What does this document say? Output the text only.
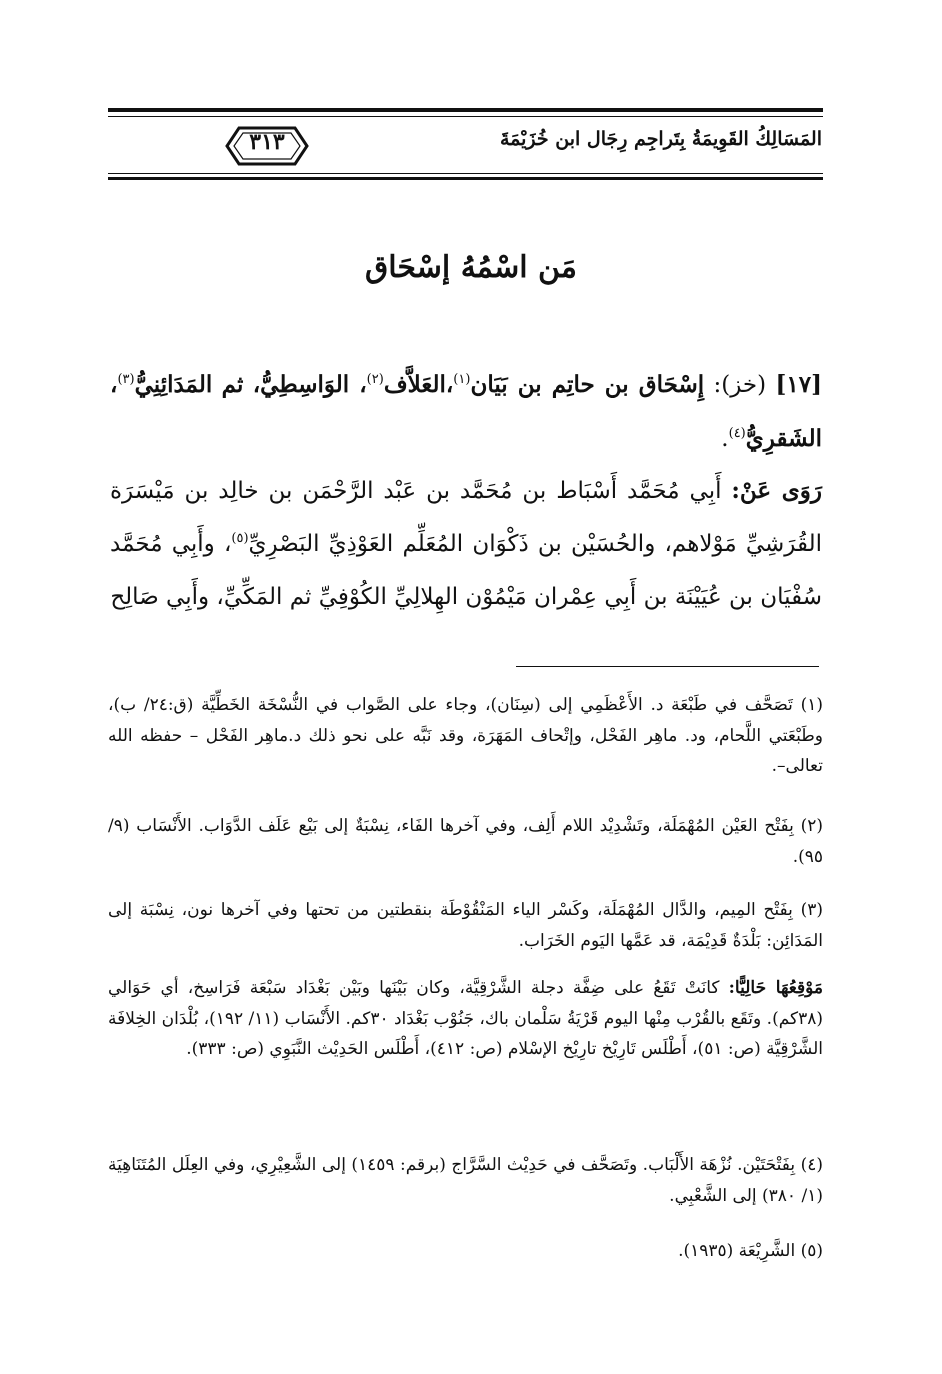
المَسَالِكُ القَوِيمَةُ بِتَراجِم رِجَال ابن خُزَيْمَةَ
٣١٣
مَن اسْمُهُ إسْحَاق

[١٧] (خز): إِسْحَاق بن حاتِم بن بَيَان$^{(١)}$،العَلاَّف$^{(٢)}$، الوَاسِطِيُّ، ثم المَدَائِنِيُّ$^{(٣)}$، الشَقرِيُّ$^{(٤)}$.

رَوَى عَنْ: أَبِي مُحَمَّد أَسْبَاط بن مُحَمَّد بن عَبْد الرَّحْمَن بن خالِد بن مَيْسَرَة القُرَشِيِّ مَوْلاهم، والحُسَيْن بن ذَكْوَان المُعَلِّم العَوْذِيِّ البَصْرِيِّ$^{(٥)}$، وأَبِي مُحَمَّد سُفْيَان بن عُيَيْنَة بن أَبِي عِمْران مَيْمُوْن الهِلالِيِّ الكُوْفِيِّ ثم المَكِّيِّ، وأَبِي صَالِح

(١) تَصَحَّف في طَبْعَة د. الأَعْظَمِي إلى (سِنَان)، وجاء على الصَّواب في النُّسْخَة الخَطِّيَّة (ق:٢٤/ ب)، وطَبْعَتي اللَّحام، ود. ماهِر الفَحْل، وإتْحاف المَهَرَة، وقد نَبَّه على نحو ذلك د.ماهِر الفَحْل – حفظه الله تعالى–.

(٢) بِفَتْح العَيْن المُهْمَلَة، وتَشْدِيْد اللام أَلِف، وفي آخرها الفَاء، نِسْبَةٌ إلى بَيْع عَلَف الدَّوَاب. الأَنْسَاب (٩/ ٩٥).

(٣) بِفَتْح المِيم، والدَّال المُهْمَلَة، وكَسْر الياء المَنْقُوْطَة بنقطتين من تحتها وفي آخرها نون، نِسْبَة إلى المَدَائِن: بَلْدَةٌ قَدِيْمَة، قد عَمَّها اليَوم الخَرَاب.

مَوْقِعُهَا حَالِيًّا: كانَتْ تَقَعُ على ضِفَّة دجلة الشَّرْقِيَّة، وكان بَيْنَها وبَيْن بَغْدَاد سَبْعَة فَرَاسِخ، أي حَوَالي (٣٨كم). وتَقَع بالقُرْب مِنْها اليوم قَرْيَةُ سَلْمان باك، جَنُوْب بَغْدَاد ٣٠كم. الأَنْسَاب (١١/ ١٩٢)، بُلْدَان الخِلافَة الشَّرْقِيَّة (ص: ٥١)، أَطْلَس تَارِيْخ تارِيْخ الإسْلام (ص: ٤١٢)، أَطْلَس الحَدِيْث النَّبَوِي (ص: ٣٣٣).

(٤) بِفَتْحَتَيْن. نُزْهَة الأَلْبَاب. وتَصَحَّف في حَدِيْث السَّرَّاج (برقم: ١٤٥٩) إلى الشَّعِيْرِي، وفي العِلَل المُتَنَاهِيَة (١/ ٣٨٠) إلى الشَّعْبِي.

(٥) الشَّرِيْعَة (١٩٣٥).
